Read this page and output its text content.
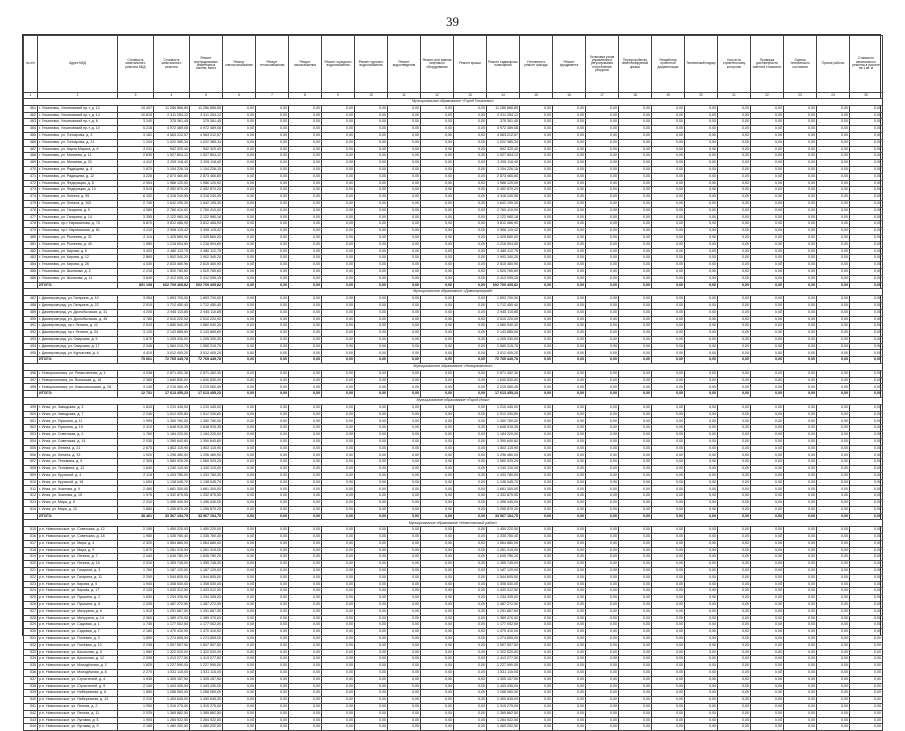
39
№ п/п	Адрес МКД	Стоимость капитального ремонта МКД	Стоимость капитального ремонта	Ремонт внутридомовых инженерных систем, всего	Ремонт электроснабжения	Ремонт теплоснабжения	Ремонт газоснабжения	Ремонт холодного водоснабжения	Ремонт горячего водоснабжения	Ремонт водоотведения	Ремонт или замена лифтового оборудования	Ремонт крыши	Ремонт подвальных помещений	Утепление и ремонт фасада	Ремонт фундамента	Установка узлов управления и регулирования потребления ресурсов	Переустройство невентилируемой крыши	Разработка проектной документации	Технический надзор	Услуги по строительному контролю	Проверка достоверности сметной стоимости	Оценка технического состояния	Прочие работы	Стоимость капитального ремонта в расчете на 1 кв. м	
1	2	3	4	5	6	7	8	9	10	11	12	13	14	15	16	17	18	19	20	21	22	23	24	25	
Муниципальное образование «Город Ульяновск»																									
461	г. Ульяновск, Ульяновский пр-т, д. 12	15 407	11 286 866,85	11 286 866,85	0,00	0,00	0,00	0,00	0,00	0,00	0,00	0,00	11 286 866,85	0,00	0,00	0,00	0,00	0,00	0,00	0,00	0,00	0,00	0,00	0,00	
462	г. Ульяновск, Ульяновский пр-т, д. 14	10 815	2 311 254,12	2 311 254,12	0,00	0,00	0,00	0,00	0,00	0,00	0,00	0,00	2 311 254,12	0,00	0,00	0,00	0,00	0,00	0,00	0,00	0,00	0,00	0,00	0,00	
463	г. Ульяновск, Ульяновский пр-т, д. 8	3 240	375 361,45	375 361,45	0,00	0,00	0,00	0,00	0,00	0,00	0,00	0,00	375 361,45	0,00	0,00	0,00	0,00	0,00	0,00	0,00	0,00	0,00	0,00	0,00	
464	г. Ульяновск, Ульяновский пр-т, д. 10	5 218	4 972 489,08	4 972 489,08	0,00	0,00	0,00	0,00	0,00	0,00	0,00	0,00	4 972 489,08	0,00	0,00	0,00	0,00	0,00	0,00	0,00	0,00	0,00	0,00	0,00	
465	г. Ульяновск, ул. Гончарова, д. 3	3 181	4 563 212,57	4 563 212,57	0,00	0,00	0,00	0,00	0,00	0,00	0,00	0,00	4 563 212,57	0,00	0,00	0,00	0,00	0,00	0,00	0,00	0,00	0,00	0,00	0,00	
466	г. Ульяновск, ул. Гончарова, д. 21	1 244	1 022 385,34	1 022 385,34	0,00	0,00	0,00	0,00	0,00	0,00	0,00	0,00	1 022 385,34	0,00	0,00	0,00	0,00	0,00	0,00	0,00	0,00	0,00	0,00	0,00	
467	г. Ульяновск, ул. Карла Маркса, д. 6	2 011	942 320,40	942 320,40	0,00	0,00	0,00	0,00	0,00	0,00	0,00	0,00	942 320,40	0,00	0,00	0,00	0,00	0,00	0,00	0,00	0,00	0,00	0,00	0,00	
468	г. Ульяновск, ул. Минаева, д. 11	2 630	1 527 804,12	1 527 804,12	0,00	0,00	0,00	0,00	0,00	0,00	0,00	0,00	1 527 804,12	0,00	0,00	0,00	0,00	0,00	0,00	0,00	0,00	0,00	0,00	0,00	
469	г. Ульяновск, ул. Минаева, д. 20	4 412	2 205 118,40	2 205 118,40	0,00	0,00	0,00	0,00	0,00	0,00	0,00	0,00	2 205 118,40	0,00	0,00	0,00	0,00	0,00	0,00	0,00	0,00	0,00	0,00	0,00	
470	г. Ульяновск, ул. Радищева, д. 4	1 870	1 104 226,15	1 104 226,15	0,00	0,00	0,00	0,00	0,00	0,00	0,00	0,00	1 104 226,15	0,00	0,00	0,00	0,00	0,00	0,00	0,00	0,00	0,00	0,00	0,00	
471	г. Ульяновск, ул. Радищева, д. 12	3 226	2 873 460,80	2 873 460,80	0,00	0,00	0,00	0,00	0,00	0,00	0,00	0,00	2 873 460,80	0,00	0,00	0,00	0,00	0,00	0,00	0,00	0,00	0,00	0,00	0,00	
472	г. Ульяновск, ул. Федерации, д. 8	2 904	1 986 120,00	1 986 120,00	0,00	0,00	0,00	0,00	0,00	0,00	0,00	0,00	1 986 120,00	0,00	0,00	0,00	0,00	0,00	0,00	0,00	0,00	0,00	0,00	0,00	
473	г. Ульяновск, ул. Федерации, д. 10	3 515	2 452 870,20	2 452 870,20	0,00	0,00	0,00	0,00	0,00	0,00	0,00	0,00	2 452 870,20	0,00	0,00	0,00	0,00	0,00	0,00	0,00	0,00	0,00	0,00	0,00	
474	г. Ульяновск, ул. Ленина, д. 95	6 102	4 318 240,55	4 318 240,55	0,00	0,00	0,00	0,00	0,00	0,00	0,00	0,00	4 318 240,55	0,00	0,00	0,00	0,00	0,00	0,00	0,00	0,00	0,00	0,00	0,00	
475	г. Ульяновск, ул. Ленина, д. 102	2 740	1 642 195,30	1 642 195,30	0,00	0,00	0,00	0,00	0,00	0,00	0,00	0,00	1 642 195,30	0,00	0,00	0,00	0,00	0,00	0,00	0,00	0,00	0,00	0,00	0,00	
476	г. Ульяновск, ул. Гагарина, д. 5	4 080	2 760 410,00	2 760 410,00	0,00	0,00	0,00	0,00	0,00	0,00	0,00	0,00	2 760 410,00	0,00	0,00	0,00	0,00	0,00	0,00	0,00	0,00	0,00	0,00	0,00	
477	г. Ульяновск, ул. Гагарина, д. 14	3 355	2 122 980,18	2 122 980,18	0,00	0,00	0,00	0,00	0,00	0,00	0,00	0,00	2 122 980,18	0,00	0,00	0,00	0,00	0,00	0,00	0,00	0,00	0,00	0,00	0,00	
478	г. Ульяновск, пр-т Нариманова, д. 75	5 870	3 812 466,90	3 812 466,90	0,00	0,00	0,00	0,00	0,00	0,00	0,00	0,00	3 812 466,90	0,00	0,00	0,00	0,00	0,00	0,00	0,00	0,00	0,00	0,00	0,00	
479	г. Ульяновск, пр-т Нариманова, д. 81	4 210	2 906 115,42	2 906 115,42	0,00	0,00	0,00	0,00	0,00	0,00	0,00	0,00	2 906 115,42	0,00	0,00	0,00	0,00	0,00	0,00	0,00	0,00	0,00	0,00	0,00	
480	г. Ульяновск, ул. Рылеева, д. 31	2 114	1 425 660,00	1 425 660,00	0,00	0,00	0,00	0,00	0,00	0,00	0,00	0,00	1 425 660,00	0,00	0,00	0,00	0,00	0,00	0,00	0,00	0,00	0,00	0,00	0,00	
481	г. Ульяновск, ул. Рылеева, д. 40	1 980	1 218 904,60	1 218 904,60	0,00	0,00	0,00	0,00	0,00	0,00	0,00	0,00	1 218 904,60	0,00	0,00	0,00	0,00	0,00	0,00	0,00	0,00	0,00	0,00	0,00	
482	г. Ульяновск, ул. Кирова, д. 6	3 420	2 480 112,75	2 480 112,75	0,00	0,00	0,00	0,00	0,00	0,00	0,00	0,00	2 480 112,75	0,00	0,00	0,00	0,00	0,00	0,00	0,00	0,00	0,00	0,00	0,00	
483	г. Ульяновск, ул. Кирова, д. 12	2 860	1 902 340,20	1 902 340,20	0,00	0,00	0,00	0,00	0,00	0,00	0,00	0,00	1 902 340,20	0,00	0,00	0,00	0,00	0,00	0,00	0,00	0,00	0,00	0,00	0,00	
484	г. Ульяновск, ул. Кирова, д. 26	4 030	2 815 460,90	2 815 460,90	0,00	0,00	0,00	0,00	0,00	0,00	0,00	0,00	2 815 460,90	0,00	0,00	0,00	0,00	0,00	0,00	0,00	0,00	0,00	0,00	0,00	
485	г. Ульяновск, ул. Шолмова, д. 2	2 215	1 520 760,60	1 520 760,60	0,00	0,00	0,00	0,00	0,00	0,00	0,00	0,00	1 520 760,60	0,00	0,00	0,00	0,00	0,00	0,00	0,00	0,00	0,00	0,00	0,00	
486	г. Ульяновск, ул. Шолмова, д. 11	3 640	2 412 095,15	2 412 095,15	0,00	0,00	0,00	0,00	0,00	0,00	0,00	0,00	2 412 095,15	0,00	0,00	0,00	0,00	0,00	0,00	0,00	0,00	0,00	0,00	0,00	
	ИТОГО:	891 108	602 709 405,82	602 709 405,82	0,00	0,00	0,00	0,00	0,00	0,00	0,00	0,00	602 709 405,82	0,00	0,00	0,00	0,00	0,00	0,00	0,00	0,00	0,00	0,00	0,00	
Муниципальное образование «Димитровград»																									
487	г. Димитровград, ул. Гагарина, д. 10	3 054	1 893 700,00	1 893 700,00	0,00	0,00	0,00	0,00	0,00	0,00	0,00	0,00	1 893 700,00	0,00	0,00	0,00	0,00	0,00	0,00	0,00	0,00	0,00	0,00	0,00	
488	г. Димитровград, ул. Гагарина, д. 22	2 910	1 712 450,40	1 712 450,40	0,00	0,00	0,00	0,00	0,00	0,00	0,00	0,00	1 712 450,40	0,00	0,00	0,00	0,00	0,00	0,00	0,00	0,00	0,00	0,00	0,00	
489	г. Димитровград, ул. Дрогобычская, д. 31	4 205	2 945 110,85	2 945 110,85	0,00	0,00	0,00	0,00	0,00	0,00	0,00	0,00	2 945 110,85	0,00	0,00	0,00	0,00	0,00	0,00	0,00	0,00	0,00	0,00	0,00	
490	г. Димитровград, ул. Дрогобычская, д. 45	3 780	2 510 220,00	2 510 220,00	0,00	0,00	0,00	0,00	0,00	0,00	0,00	0,00	2 510 220,00	0,00	0,00	0,00	0,00	0,00	0,00	0,00	0,00	0,00	0,00	0,00	
491	г. Димитровград, пр-т Ленина, д. 12	2 510	1 680 940,30	1 680 940,30	0,00	0,00	0,00	0,00	0,00	0,00	0,00	0,00	1 680 940,30	0,00	0,00	0,00	0,00	0,00	0,00	0,00	0,00	0,00	0,00	0,00	
492	г. Димитровград, пр-т Ленина, д. 34	3 120	2 143 885,60	2 143 885,60	0,00	0,00	0,00	0,00	0,00	0,00	0,00	0,00	2 143 885,60	0,00	0,00	0,00	0,00	0,00	0,00	0,00	0,00	0,00	0,00	0,00	
493	г. Димитровград, ул. Свирская, д. 5	1 870	1 205 330,00	1 205 330,00	0,00	0,00	0,00	0,00	0,00	0,00	0,00	0,00	1 205 330,00	0,00	0,00	0,00	0,00	0,00	0,00	0,00	0,00	0,00	0,00	0,00	
494	г. Димитровград, ул. Свирская, д. 17	2 345	1 560 215,75	1 560 215,75	0,00	0,00	0,00	0,00	0,00	0,00	0,00	0,00	1 560 215,75	0,00	0,00	0,00	0,00	0,00	0,00	0,00	0,00	0,00	0,00	0,00	
495	г. Димитровград, ул. Курчатова, д. 4	4 410	3 012 405,20	3 012 405,20	0,00	0,00	0,00	0,00	0,00	0,00	0,00	0,00	3 012 405,20	0,00	0,00	0,00	0,00	0,00	0,00	0,00	0,00	0,00	0,00	0,00	
	ИТОГО:	75 661	72 765 445,78	72 765 445,78	0,00	0,00	0,00	0,00	0,00	0,00	0,00	0,00	72 765 445,78	0,00	0,00	0,00	0,00	0,00	0,00	0,00	0,00	0,00	0,00	0,00	
Муниципальное образование «Новоульяновск»																									
496	г. Новоульяновск, ул. Ремесленная, д. 4	4 038	2 871 452,30	2 871 452,30	0,00	0,00	0,00	0,00	0,00	0,00	0,00	0,00	2 871 452,30	0,00	0,00	0,00	0,00	0,00	0,00	0,00	0,00	0,00	0,00	0,00	
497	г. Новоульяновск, ул. Волжская, д. 16	2 365	1 640 830,00	1 640 830,00	0,00	0,00	0,00	0,00	0,00	0,00	0,00	0,00	1 640 830,00	0,00	0,00	0,00	0,00	0,00	0,00	0,00	0,00	0,00	0,00	0,00	
498	г. Новоульяновск, ул. Комсомольская, д. 28	3 140	2 215 060,45	2 215 060,45	0,00	0,00	0,00	0,00	0,00	0,00	0,00	0,00	2 215 060,45	0,00	0,00	0,00	0,00	0,00	0,00	0,00	0,00	0,00	0,00	0,00	
	ИТОГО:	12 731	17 613 455,23	17 613 455,23	0,00	0,00	0,00	0,00	0,00	0,00	0,00	0,00	17 613 455,23	0,00	0,00	0,00	0,00	0,00	0,00	0,00	0,00	0,00	0,00	0,00	
Муниципальное образование «Город Инза»																									
499	г. Инза, ул. Заводская, д. 3	1 810	1 210 445,00	1 210 445,00	0,00	0,00	0,00	0,00	0,00	0,00	0,00	0,00	1 210 445,00	0,00	0,00	0,00	0,00	0,00	0,00	0,00	0,00	0,00	0,00	0,00	
500	г. Инза, ул. Заводская, д. 7	2 240	1 512 330,80	1 512 330,80	0,00	0,00	0,00	0,00	0,00	0,00	0,00	0,00	1 512 330,80	0,00	0,00	0,00	0,00	0,00	0,00	0,00	0,00	0,00	0,00	0,00	
501	г. Инза, ул. Пушкина, д. 11	1 995	1 350 760,00	1 350 760,00	0,00	0,00	0,00	0,00	0,00	0,00	0,00	0,00	1 350 760,00	0,00	0,00	0,00	0,00	0,00	0,00	0,00	0,00	0,00	0,00	0,00	
502	г. Инза, ул. Пушкина, д. 19	2 410	1 648 915,35	1 648 915,35	0,00	0,00	0,00	0,00	0,00	0,00	0,00	0,00	1 648 915,35	0,00	0,00	0,00	0,00	0,00	0,00	0,00	0,00	0,00	0,00	0,00	
503	г. Инза, ул. Советская, д. 2	1 760	1 184 220,00	1 184 220,00	0,00	0,00	0,00	0,00	0,00	0,00	0,00	0,00	1 184 220,00	0,00	0,00	0,00	0,00	0,00	0,00	0,00	0,00	0,00	0,00	0,00	
504	г. Инза, ул. Советская, д. 14	2 030	1 390 640,60	1 390 640,60	0,00	0,00	0,00	0,00	0,00	0,00	0,00	0,00	1 390 640,60	0,00	0,00	0,00	0,00	0,00	0,00	0,00	0,00	0,00	0,00	0,00	
505	г. Инза, ул. Ленина, д. 21	2 675	1 802 115,90	1 802 115,90	0,00	0,00	0,00	0,00	0,00	0,00	0,00	0,00	1 802 115,90	0,00	0,00	0,00	0,00	0,00	0,00	0,00	0,00	0,00	0,00	0,00	
506	г. Инза, ул. Ленина, д. 33	1 920	1 296 480,00	1 296 480,00	0,00	0,00	0,00	0,00	0,00	0,00	0,00	0,00	1 296 480,00	0,00	0,00	0,00	0,00	0,00	0,00	0,00	0,00	0,00	0,00	0,00	
507	г. Инза, ул. Тельмана, д. 5	2 305	1 560 925,25	1 560 925,25	0,00	0,00	0,00	0,00	0,00	0,00	0,00	0,00	1 560 925,25	0,00	0,00	0,00	0,00	0,00	0,00	0,00	0,00	0,00	0,00	0,00	
508	г. Инза, ул. Тельмана, д. 12	1 840	1 240 110,40	1 240 110,40	0,00	0,00	0,00	0,00	0,00	0,00	0,00	0,00	1 240 110,40	0,00	0,00	0,00	0,00	0,00	0,00	0,00	0,00	0,00	0,00	0,00	
509	г. Инза, ул. Крупской, д. 4	2 115	1 433 780,00	1 433 780,00	0,00	0,00	0,00	0,00	0,00	0,00	0,00	0,00	1 433 780,00	0,00	0,00	0,00	0,00	0,00	0,00	0,00	0,00	0,00	0,00	0,00	
510	г. Инза, ул. Крупской, д. 18	1 690	1 138 045,70	1 138 045,70	0,00	0,00	0,00	0,00	0,00	0,00	0,00	0,00	1 138 045,70	0,00	0,00	0,00	0,00	0,00	0,00	0,00	0,00	0,00	0,00	0,00	
511	г. Инза, ул. Чкалова, д. 9	2 480	1 681 300,00	1 681 300,00	0,00	0,00	0,00	0,00	0,00	0,00	0,00	0,00	1 681 300,00	0,00	0,00	0,00	0,00	0,00	0,00	0,00	0,00	0,00	0,00	0,00	
512	г. Инза, ул. Чкалова, д. 15	1 975	1 332 875,55	1 332 875,55	0,00	0,00	0,00	0,00	0,00	0,00	0,00	0,00	1 332 875,55	0,00	0,00	0,00	0,00	0,00	0,00	0,00	0,00	0,00	0,00	0,00	
513	г. Инза, ул. Мира, д. 6	2 210	1 496 440,00	1 496 440,00	0,00	0,00	0,00	0,00	0,00	0,00	0,00	0,00	1 496 440,00	0,00	0,00	0,00	0,00	0,00	0,00	0,00	0,00	0,00	0,00	0,00	
514	г. Инза, ул. Мира, д. 10	1 860	1 255 870,20	1 255 870,20	0,00	0,00	0,00	0,00	0,00	0,00	0,00	0,00	1 255 870,20	0,00	0,00	0,00	0,00	0,00	0,00	0,00	0,00	0,00	0,00	0,00	
	ИТОГО:	38 461	33 567 154,75	33 567 154,75	0,00	0,00	0,00	0,00	0,00	0,00	0,00	0,00	33 567 154,75	0,00	0,00	0,00	0,00	0,00	0,00	0,00	0,00	0,00	0,00	0,00	
Муниципальное образование «Новоспасский район»																									
515	р.п. Новоспасское, ул. Советская, д. 12	2 150	1 450 220,00	1 450 220,00	0,00	0,00	0,00	0,00	0,00	0,00	0,00	0,00	1 450 220,00	0,00	0,00	0,00	0,00	0,00	0,00	0,00	0,00	0,00	0,00	0,00	
516	р.п. Новоспасское, ул. Советская, д. 18	1 980	1 335 760,40	1 335 760,40	0,00	0,00	0,00	0,00	0,00	0,00	0,00	0,00	1 335 760,40	0,00	0,00	0,00	0,00	0,00	0,00	0,00	0,00	0,00	0,00	0,00	
517	р.п. Новоспасское, ул. Мира, д. 4	2 320	1 564 880,00	1 564 880,00	0,00	0,00	0,00	0,00	0,00	0,00	0,00	0,00	1 564 880,00	0,00	0,00	0,00	0,00	0,00	0,00	0,00	0,00	0,00	0,00	0,00	
518	р.п. Новоспасское, ул. Мира, д. 9	1 870	1 261 315,00	1 261 315,00	0,00	0,00	0,00	0,00	0,00	0,00	0,00	0,00	1 261 315,00	0,00	0,00	0,00	0,00	0,00	0,00	0,00	0,00	0,00	0,00	0,00	
519	р.п. Новоспасское, ул. Ленина, д. 7	2 440	1 645 780,20	1 645 780,20	0,00	0,00	0,00	0,00	0,00	0,00	0,00	0,00	1 645 780,20	0,00	0,00	0,00	0,00	0,00	0,00	0,00	0,00	0,00	0,00	0,00	
520	р.п. Новоспасское, ул. Ленина, д. 15	2 010	1 355 745,00	1 355 745,00	0,00	0,00	0,00	0,00	0,00	0,00	0,00	0,00	1 355 745,00	0,00	0,00	0,00	0,00	0,00	0,00	0,00	0,00	0,00	0,00	0,00	
521	р.п. Новоспасское, ул. Гагарина, д. 3	1 760	1 187 120,00	1 187 120,00	0,00	0,00	0,00	0,00	0,00	0,00	0,00	0,00	1 187 120,00	0,00	0,00	0,00	0,00	0,00	0,00	0,00	0,00	0,00	0,00	0,00	
522	р.п. Новоспасское, ул. Гагарина, д. 11	2 290	1 544 605,00	1 544 605,00	0,00	0,00	0,00	0,00	0,00	0,00	0,00	0,00	1 544 605,00	0,00	0,00	0,00	0,00	0,00	0,00	0,00	0,00	0,00	0,00	0,00	
523	р.п. Новоспасское, ул. Кирова, д. 5	1 940	1 308 530,00	1 308 530,00	0,00	0,00	0,00	0,00	0,00	0,00	0,00	0,00	1 308 530,00	0,00	0,00	0,00	0,00	0,00	0,00	0,00	0,00	0,00	0,00	0,00	
524	р.п. Новоспасское, ул. Кирова, д. 17	2 125	1 433 312,50	1 433 312,50	0,00	0,00	0,00	0,00	0,00	0,00	0,00	0,00	1 433 312,50	0,00	0,00	0,00	0,00	0,00	0,00	0,00	0,00	0,00	0,00	0,00	
525	р.п. Новоспасское, ул. Пушкина, д. 2	1 830	1 234 335,00	1 234 335,00	0,00	0,00	0,00	0,00	0,00	0,00	0,00	0,00	1 234 335,00	0,00	0,00	0,00	0,00	0,00	0,00	0,00	0,00	0,00	0,00	0,00	
526	р.п. Новоспасское, ул. Пушкина, д. 8	2 205	1 487 272,50	1 487 272,50	0,00	0,00	0,00	0,00	0,00	0,00	0,00	0,00	1 487 272,50	0,00	0,00	0,00	0,00	0,00	0,00	0,00	0,00	0,00	0,00	0,00	
527	р.п. Новоспасское, ул. Мичурина, д. 6	1 915	1 291 667,50	1 291 667,50	0,00	0,00	0,00	0,00	0,00	0,00	0,00	0,00	1 291 667,50	0,00	0,00	0,00	0,00	0,00	0,00	0,00	0,00	0,00	0,00	0,00	
528	р.п. Новоспасское, ул. Мичурина, д. 14	2 060	1 389 470,00	1 389 470,00	0,00	0,00	0,00	0,00	0,00	0,00	0,00	0,00	1 389 470,00	0,00	0,00	0,00	0,00	0,00	0,00	0,00	0,00	0,00	0,00	0,00	
529	р.п. Новоспасское, ул. Садовая, д. 1	1 745	1 177 002,50	1 177 002,50	0,00	0,00	0,00	0,00	0,00	0,00	0,00	0,00	1 177 002,50	0,00	0,00	0,00	0,00	0,00	0,00	0,00	0,00	0,00	0,00	0,00	
530	р.п. Новоспасское, ул. Садовая, д. 7	2 180	1 470 410,00	1 470 410,00	0,00	0,00	0,00	0,00	0,00	0,00	0,00	0,00	1 470 410,00	0,00	0,00	0,00	0,00	0,00	0,00	0,00	0,00	0,00	0,00	0,00	
531	р.п. Новоспасское, ул. Полевая, д. 3	1 890	1 274 805,00	1 274 805,00	0,00	0,00	0,00	0,00	0,00	0,00	0,00	0,00	1 274 805,00	0,00	0,00	0,00	0,00	0,00	0,00	0,00	0,00	0,00	0,00	0,00	
532	р.п. Новоспасское, ул. Полевая, д. 10	2 235	1 507 507,50	1 507 507,50	0,00	0,00	0,00	0,00	0,00	0,00	0,00	0,00	1 507 507,50	0,00	0,00	0,00	0,00	0,00	0,00	0,00	0,00	0,00	0,00	0,00	
533	р.п. Новоспасское, ул. Школьная, д. 5	1 960	1 322 020,00	1 322 020,00	0,00	0,00	0,00	0,00	0,00	0,00	0,00	0,00	1 322 020,00	0,00	0,00	0,00	0,00	0,00	0,00	0,00	0,00	0,00	0,00	0,00	
534	р.п. Новоспасское, ул. Школьная, д. 12	2 095	1 413 077,50	1 413 077,50	0,00	0,00	0,00	0,00	0,00	0,00	0,00	0,00	1 413 077,50	0,00	0,00	0,00	0,00	0,00	0,00	0,00	0,00	0,00	0,00	0,00	
535	р.п. Новоспасское, ул. Молодёжная, д. 2	1 820	1 227 590,00	1 227 590,00	0,00	0,00	0,00	0,00	0,00	0,00	0,00	0,00	1 227 590,00	0,00	0,00	0,00	0,00	0,00	0,00	0,00	0,00	0,00	0,00	0,00	
536	р.п. Новоспасское, ул. Молодёжная, д. 8	2 270	1 531 115,00	1 531 115,00	0,00	0,00	0,00	0,00	0,00	0,00	0,00	0,00	1 531 115,00	0,00	0,00	0,00	0,00	0,00	0,00	0,00	0,00	0,00	0,00	0,00	
537	р.п. Новоспасское, ул. Строителей, д. 4	1 935	1 305 157,50	1 305 157,50	0,00	0,00	0,00	0,00	0,00	0,00	0,00	0,00	1 305 157,50	0,00	0,00	0,00	0,00	0,00	0,00	0,00	0,00	0,00	0,00	0,00	
538	р.п. Новоспасское, ул. Строителей, д. 9	2 140	1 443 430,00	1 443 430,00	0,00	0,00	0,00	0,00	0,00	0,00	0,00	0,00	1 443 430,00	0,00	0,00	0,00	0,00	0,00	0,00	0,00	0,00	0,00	0,00	0,00	
539	р.п. Новоспасское, ул. Набережная, д. 6	1 880	1 268 060,00	1 268 060,00	0,00	0,00	0,00	0,00	0,00	0,00	0,00	0,00	1 268 060,00	0,00	0,00	0,00	0,00	0,00	0,00	0,00	0,00	0,00	0,00	0,00	
540	р.п. Новоспасское, ул. Набережная, д. 13	2 210	1 490 645,00	1 490 645,00	0,00	0,00	0,00	0,00	0,00	0,00	0,00	0,00	1 490 645,00	0,00	0,00	0,00	0,00	0,00	0,00	0,00	0,00	0,00	0,00	0,00	
541	р.п. Новоспасское, ул. Лесная, д. 2	1 950	1 315 275,00	1 315 275,00	0,00	0,00	0,00	0,00	0,00	0,00	0,00	0,00	1 315 275,00	0,00	0,00	0,00	0,00	0,00	0,00	0,00	0,00	0,00	0,00	0,00	
542	р.п. Новоспасское, ул. Лесная, д. 11	2 025	1 365 862,50	1 365 862,50	0,00	0,00	0,00	0,00	0,00	0,00	0,00	0,00	1 365 862,50	0,00	0,00	0,00	0,00	0,00	0,00	0,00	0,00	0,00	0,00	0,00	
543	р.п. Новоспасское, ул. Луговая, д. 5	1 905	1 284 922,50	1 284 922,50	0,00	0,00	0,00	0,00	0,00	0,00	0,00	0,00	1 284 922,50	0,00	0,00	0,00	0,00	0,00	0,00	0,00	0,00	0,00	0,00	0,00	
544	р.п. Новоспасское, ул. Луговая, д. 9	2 165	1 460 292,50	1 460 292,50	0,00	0,00	0,00	0,00	0,00	0,00	0,00	0,00	1 460 292,50	0,00	0,00	0,00	0,00	0,00	0,00	0,00	0,00	0,00	0,00	0,00	
